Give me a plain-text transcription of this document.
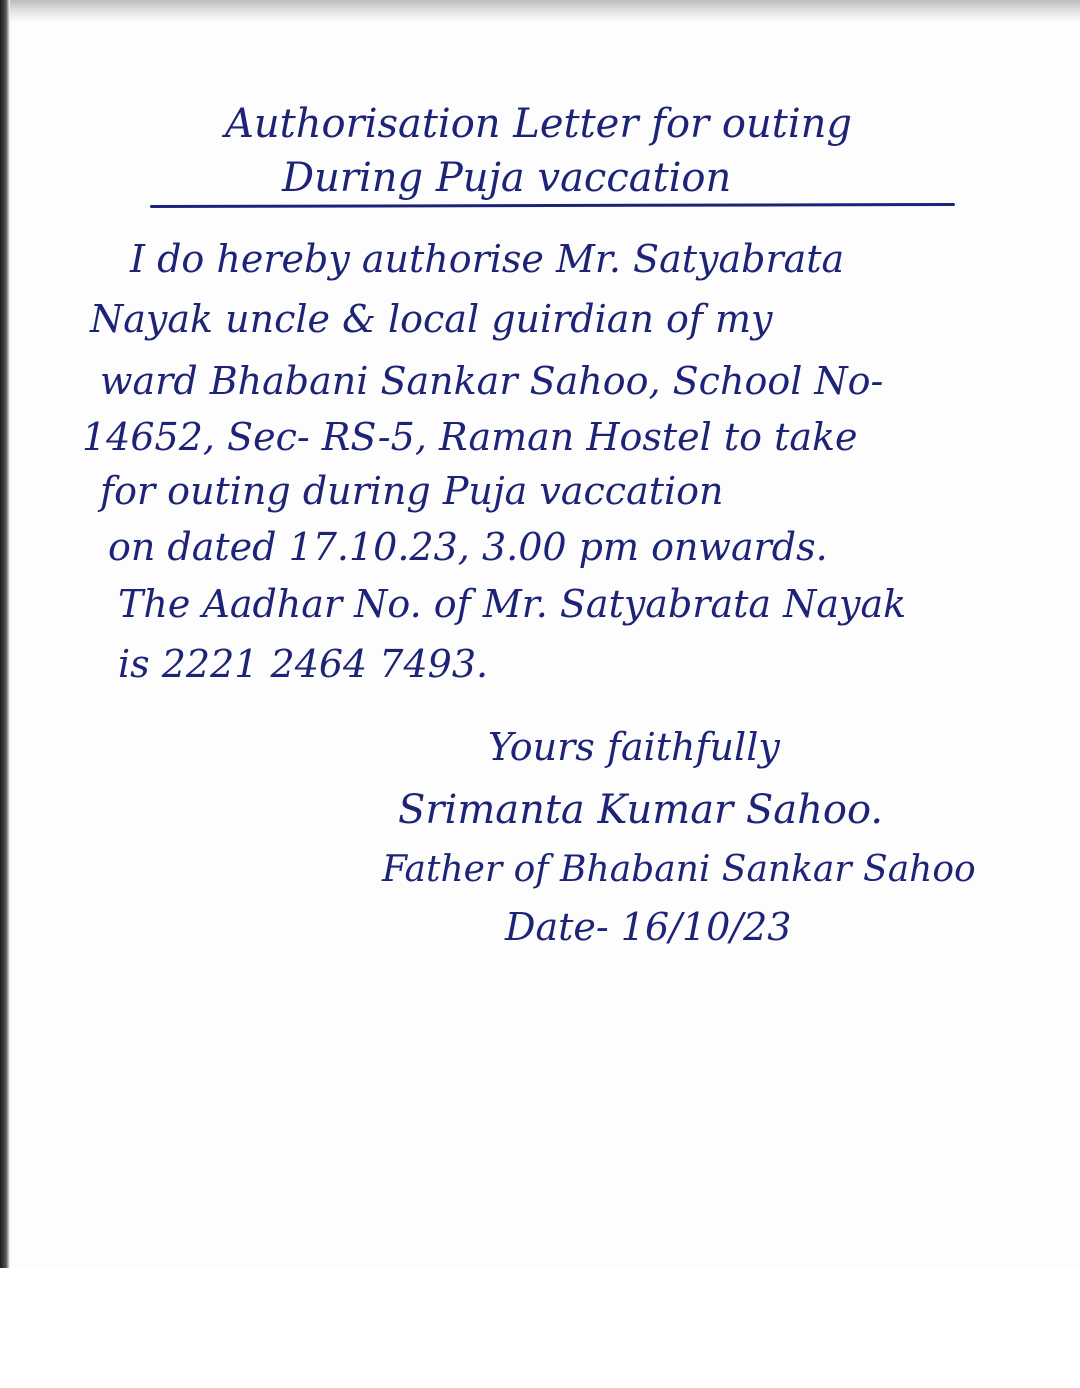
Authorisation Letter for outing
During Puja vaccation
I do hereby authorise Mr. Satyabrata
Nayak uncle & local guirdian of my
ward Bhabani Sankar Sahoo, School No-
14652, Sec- RS-5, Raman Hostel to take
for outing during Puja vaccation
on dated 17.10.23, 3.00 pm onwards.
The Aadhar No. of Mr. Satyabrata Nayak
is 2221 2464 7493.
Yours faithfully
Srimanta Kumar Sahoo.
Father of Bhabani Sankar Sahoo
Date- 16/10/23
